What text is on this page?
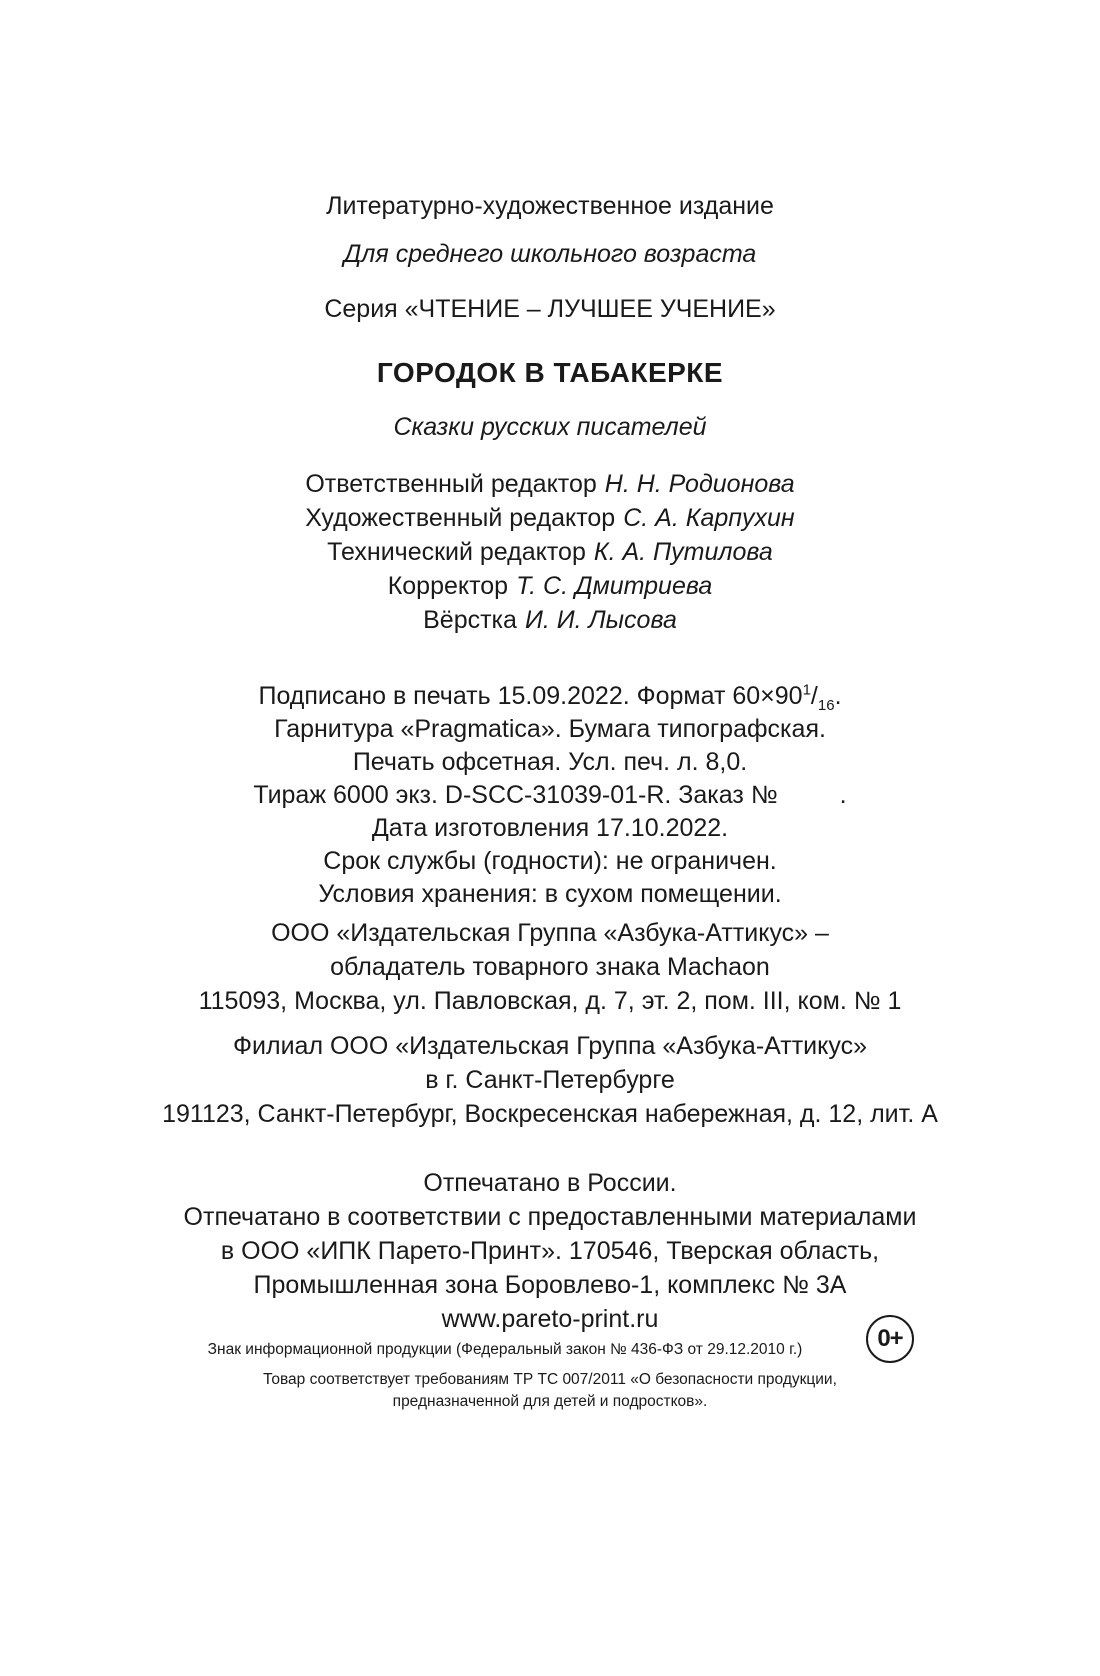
Литературно-художественное издание

Для среднего школьного возраста

Серия «ЧТЕНИЕ – ЛУЧШЕЕ УЧЕНИЕ»

ГОРОДОК В ТАБАКЕРКЕ

Сказки русских писателей

Ответственный редактор Н. Н. Родионова

Художественный редактор С. А. Карпухин

Технический редактор К. А. Путилова

Корректор Т. С. Дмитриева

Вёрстка И. И. Лысова

Подписано в печать 15.09.2022. Формат $60\times 90^1/_{16}$.

Гарнитура «Pragmatica». Бумага типографская.

Печать офсетная. Усл. печ. л. 8,0.

Тираж 6000 экз. D-SCC-31039-01-R. Заказ № .

Дата изготовления 17.10.2022.

Срок службы (годности): не ограничен.

Условия хранения: в сухом помещении.

ООО «Издательская Группа «Азбука-Аттикус» –

обладатель товарного знака Machaon

115093, Москва, ул. Павловская, д. 7, эт. 2, пом. III, ком. № 1

Филиал ООО «Издательская Группа «Азбука-Аттикус»

в г. Санкт-Петербурге

191123, Санкт-Петербург, Воскресенская набережная, д. 12, лит. А

Отпечатано в России.

Отпечатано в соответствии с предоставленными материалами

в ООО «ИПК Парето-Принт». 170546, Тверская область,

Промышленная зона Боровлево-1, комплекс № 3А

www.pareto-print.ru

Знак информационной продукции (Федеральный закон № 436-ФЗ от 29.12.2010 г.)	0+

Товар соответствует требованиям ТР ТС 007/2011 «О безопасности продукции,

предназначенной для детей и подростков».
